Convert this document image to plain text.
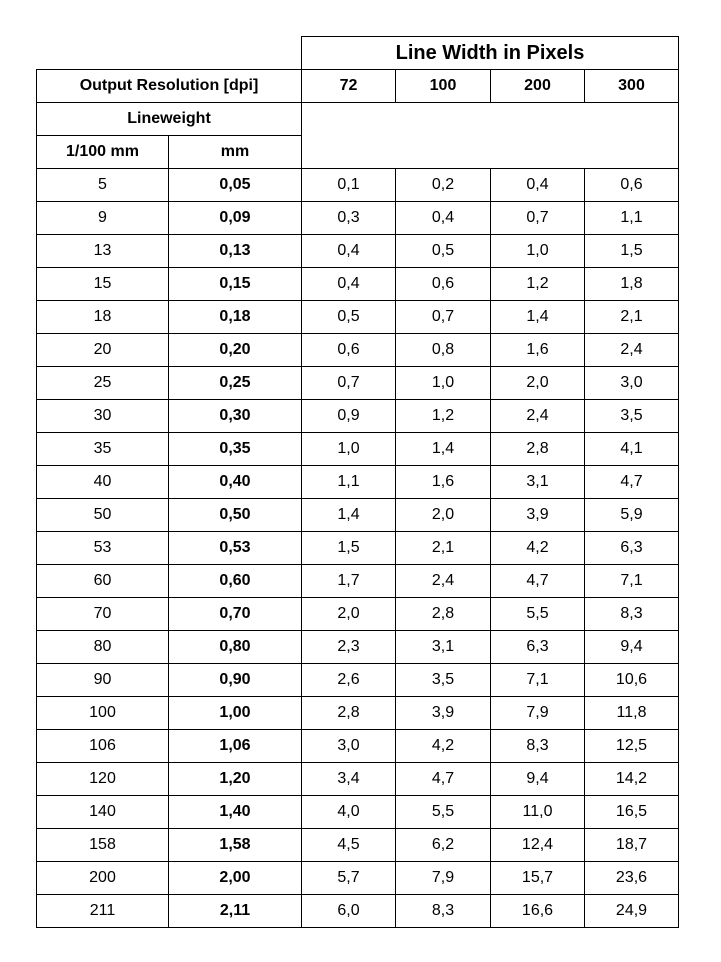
		Line Width in Pixels			
Output Resolution [dpi]		72	100	200	300
Lineweight					
1/100 mm	mm				
5	0,05	0,1	0,2	0,4	0,6
9	0,09	0,3	0,4	0,7	1,1
13	0,13	0,4	0,5	1,0	1,5
15	0,15	0,4	0,6	1,2	1,8
18	0,18	0,5	0,7	1,4	2,1
20	0,20	0,6	0,8	1,6	2,4
25	0,25	0,7	1,0	2,0	3,0
30	0,30	0,9	1,2	2,4	3,5
35	0,35	1,0	1,4	2,8	4,1
40	0,40	1,1	1,6	3,1	4,7
50	0,50	1,4	2,0	3,9	5,9
53	0,53	1,5	2,1	4,2	6,3
60	0,60	1,7	2,4	4,7	7,1
70	0,70	2,0	2,8	5,5	8,3
80	0,80	2,3	3,1	6,3	9,4
90	0,90	2,6	3,5	7,1	10,6
100	1,00	2,8	3,9	7,9	11,8
106	1,06	3,0	4,2	8,3	12,5
120	1,20	3,4	4,7	9,4	14,2
140	1,40	4,0	5,5	11,0	16,5
158	1,58	4,5	6,2	12,4	18,7
200	2,00	5,7	7,9	15,7	23,6
211	2,11	6,0	8,3	16,6	24,9
